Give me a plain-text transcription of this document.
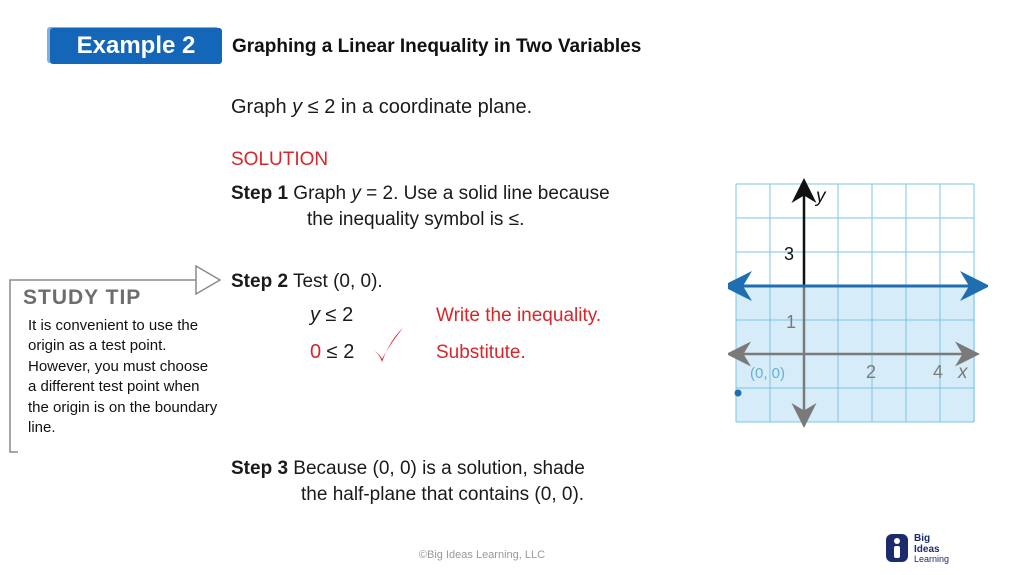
Example 2	Graphing a Linear Inequality in Two Variables
Graph y ≤ 2 in a coordinate plane.
SOLUTION
Step 1 Graph y = 2. Use a solid line because
the inequality symbol is ≤.
Step 2 Test (0, 0).
y ≤ 2
0 ≤ 2
Write the inequality.
Substitute.
Step 3 Because (0, 0) is a solution, shade
the half-plane that contains (0, 0).
STUDY TIP
It is convenient to use the origin as a test point. However, you must choose a different test point when the origin is on the boundary line.
y
3
1
2	4 x
(0, 0)
©Big Ideas Learning, LLC
Big
Ideas
Learning
